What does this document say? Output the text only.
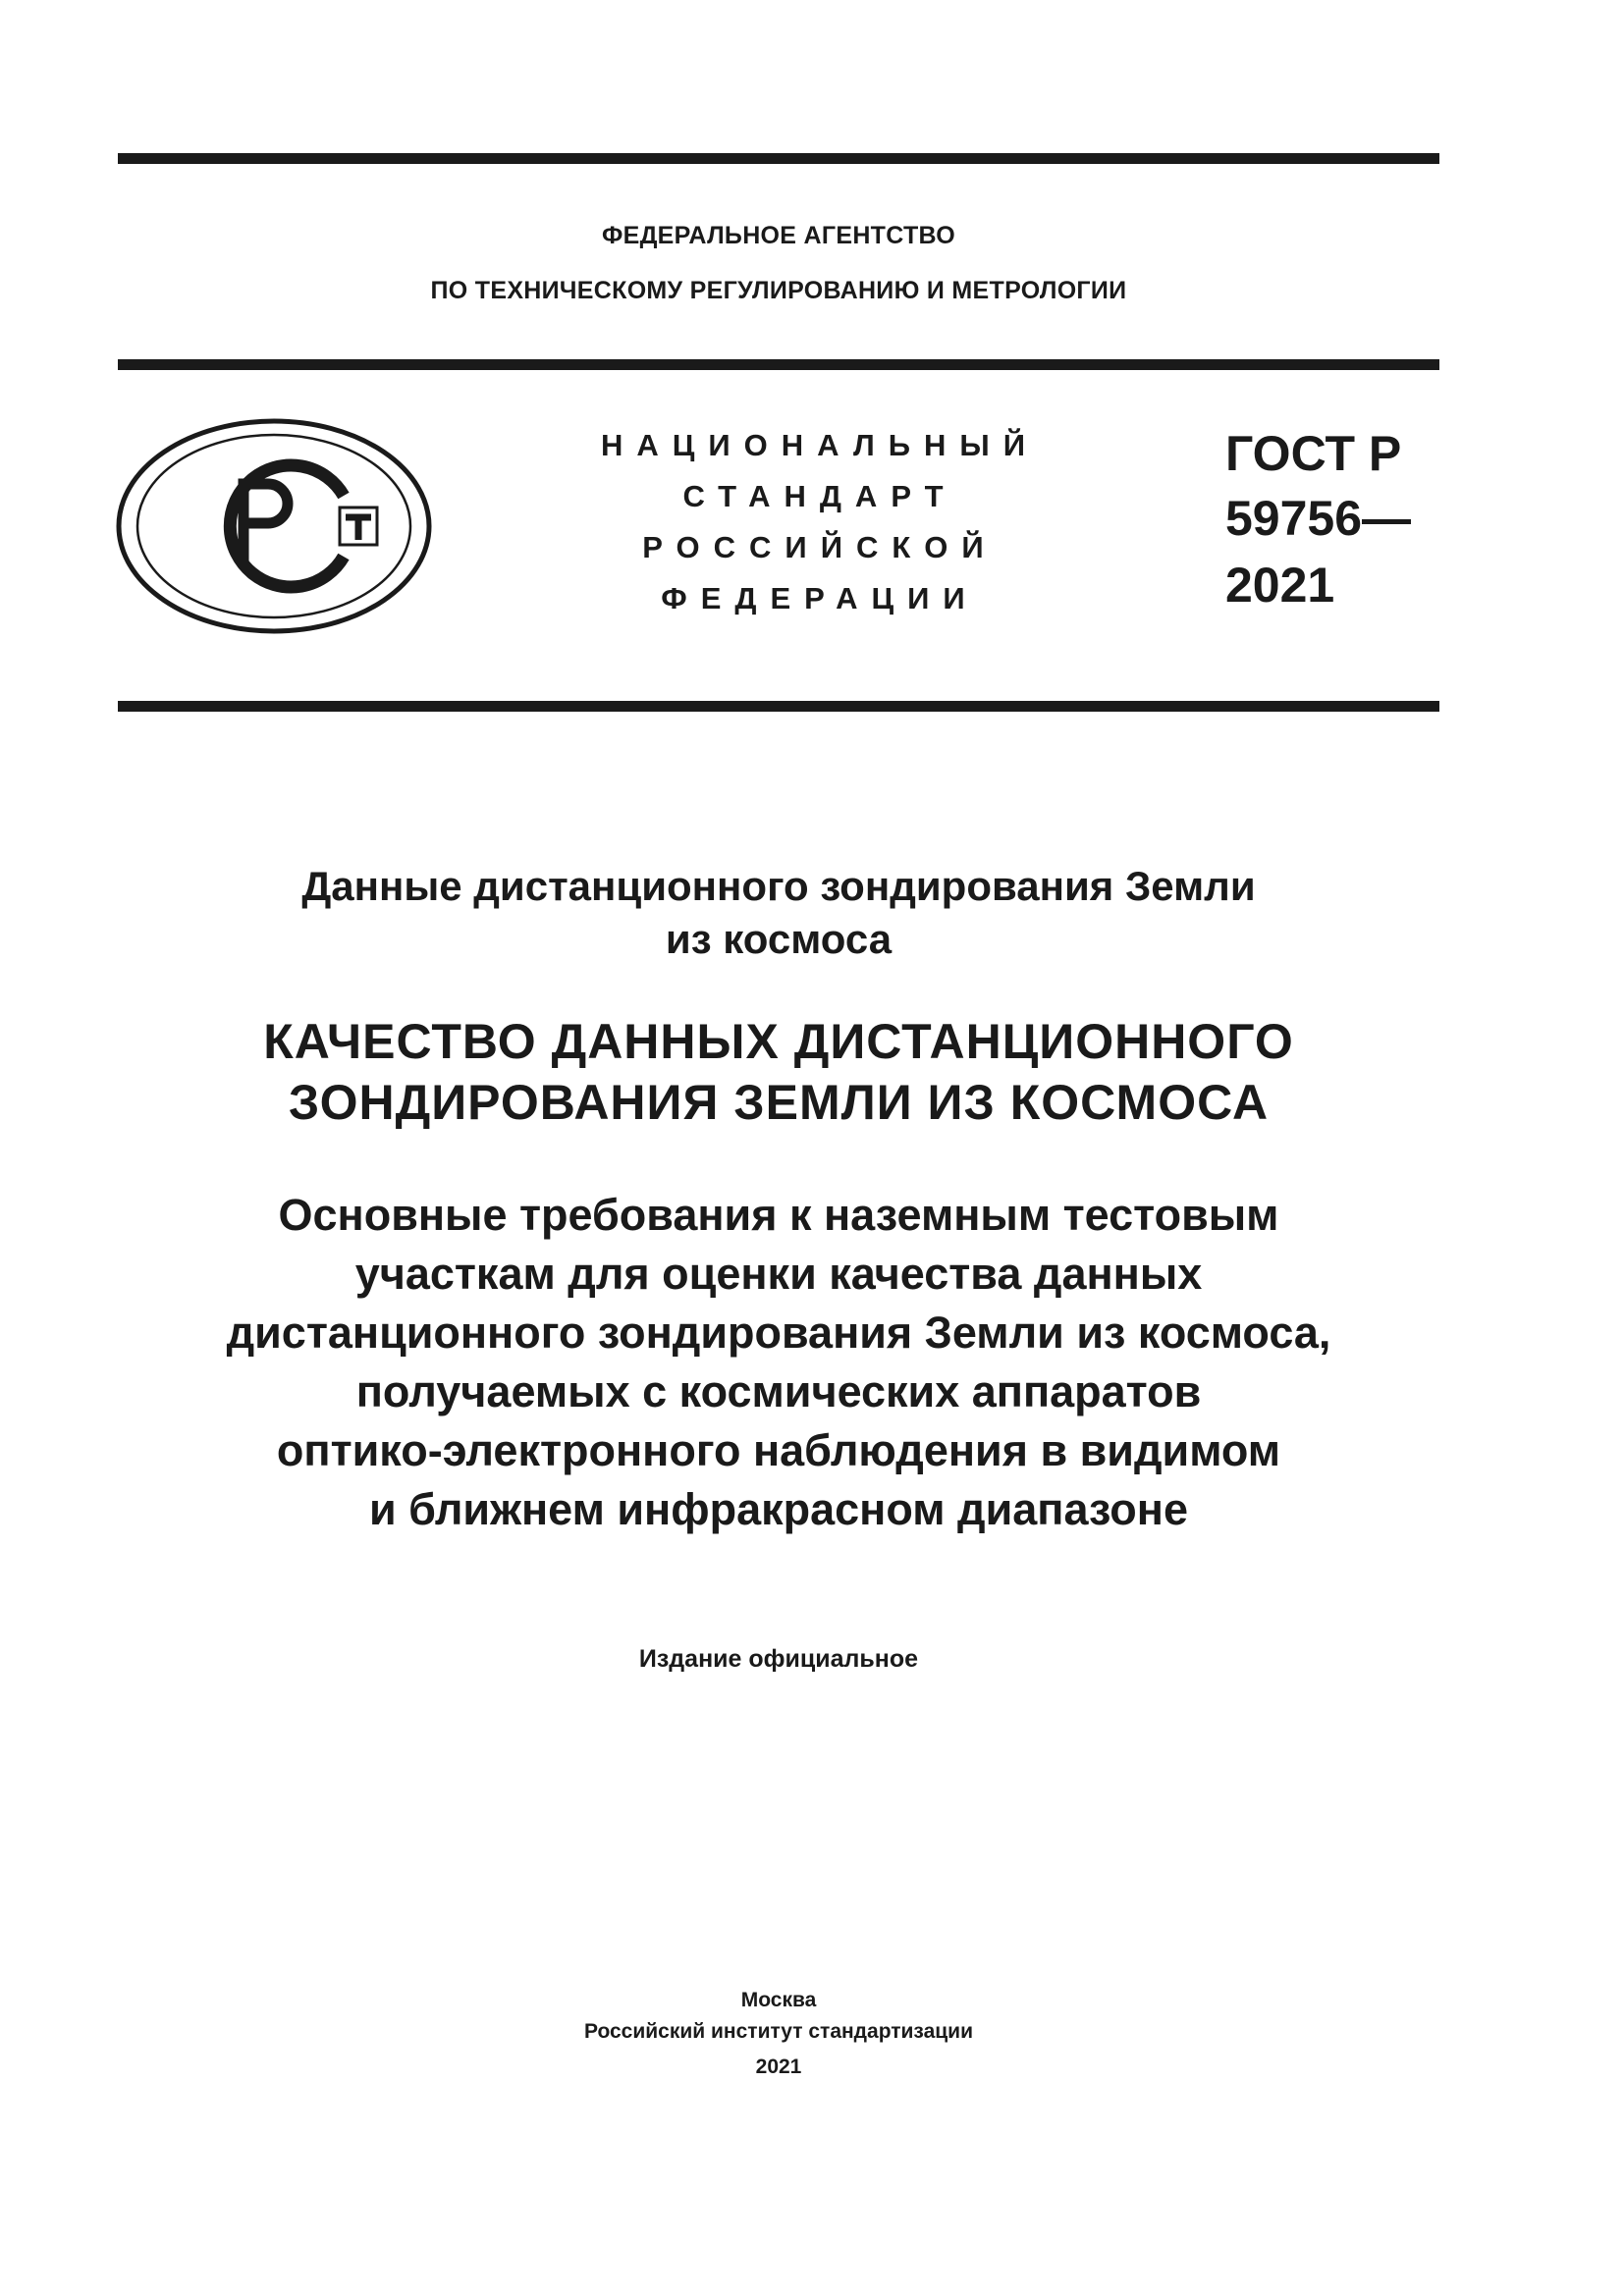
ФЕДЕРАЛЬНОЕ АГЕНТСТВО
ПО ТЕХНИЧЕСКОМУ РЕГУЛИРОВАНИЮ И МЕТРОЛОГИИ
НАЦИОНАЛЬНЫЙ
СТАНДАРТ
РОССИЙСКОЙ
ФЕДЕРАЦИИ
ГОСТ Р
59756—
2021
Данные дистанционного зондирования Земли
из космоса
КАЧЕСТВО ДАННЫХ ДИСТАНЦИОННОГО
ЗОНДИРОВАНИЯ ЗЕМЛИ ИЗ КОСМОСА
Основные требования к наземным тестовым
участкам для оценки качества данных
дистанционного зондирования Земли из космоса,
получаемых с космических аппаратов
оптико-электронного наблюдения в видимом
и ближнем инфракрасном диапазоне
Издание официальное
Москва
Российский институт стандартизации
2021
